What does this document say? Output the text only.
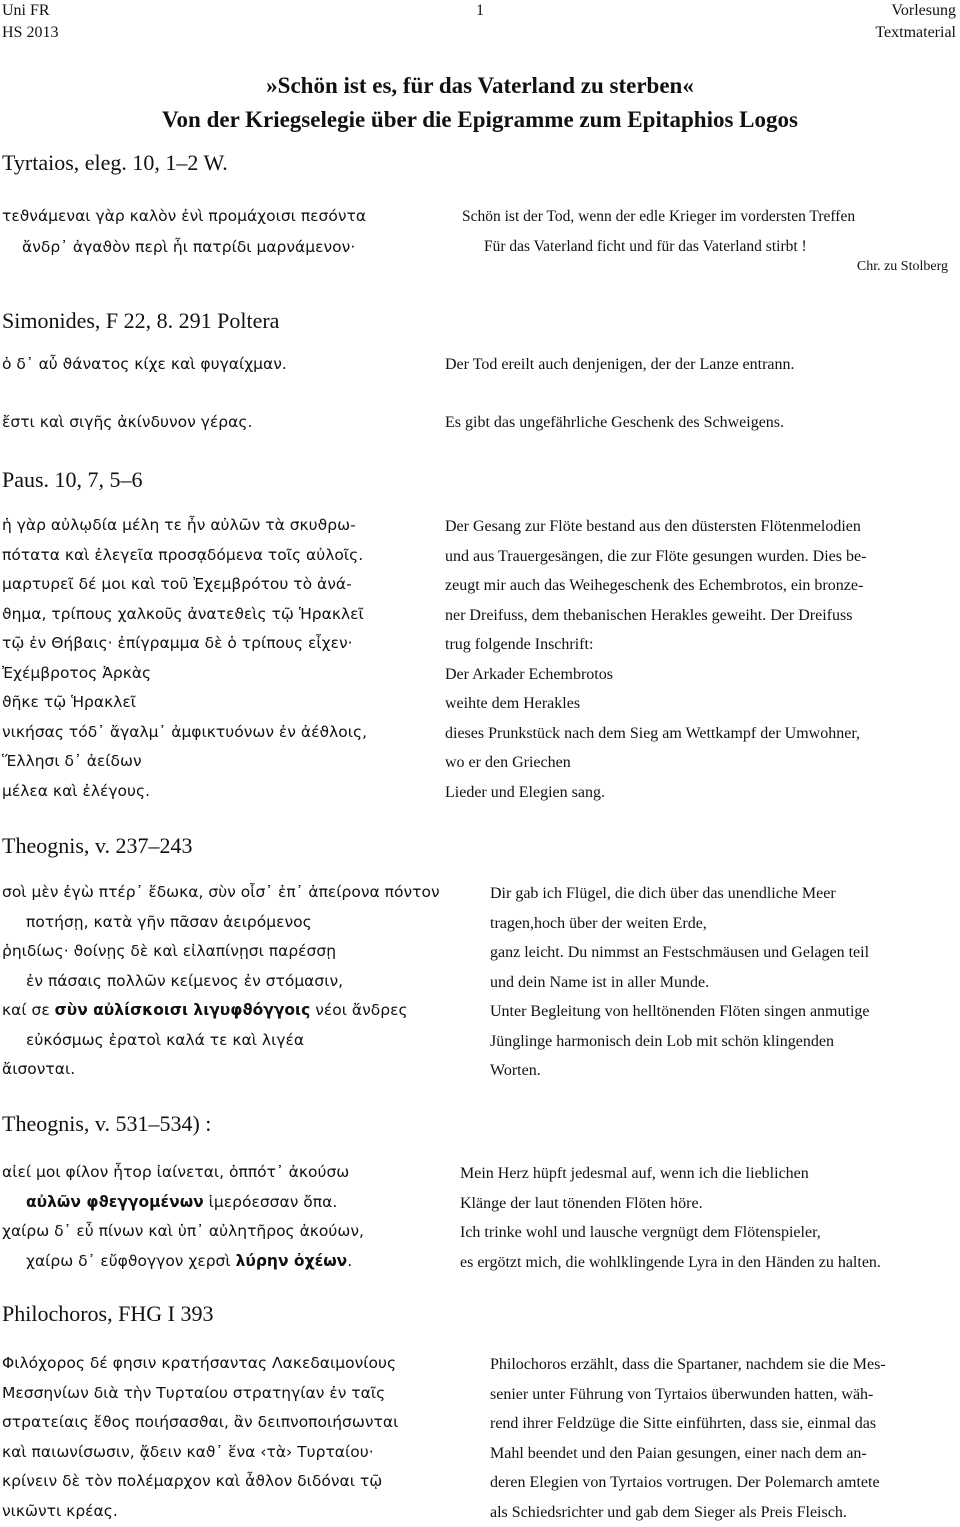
Uni FR
HS 2013
1	Vorlesung
Textmaterial
»Schön ist es, für das Vaterland zu sterben«
Von der Kriegselegie über die Epigramme zum Epitaphios Logos
Tyrtaios, eleg. 10, 1–2 W.
τεϑνάμεναι γὰρ καλὸν ἐνὶ προμάχοισι πεσόντα
ἄνδρ᾽ ἀγαϑὸν περὶ ἧι πατρίδι μαρνάμενον·
Schön ist der Tod, wenn der edle Krieger im vordersten Treffen
Für das Vaterland ficht und für das Vaterland stirbt !
Chr. zu Stolberg
Simonides, F 22, 8. 291 Poltera
ὁ δ᾽ αὖ ϑάνατος κίχε καὶ φυγαίχμαν.
ἔστι καὶ σιγῆς ἀκίνδυνον γέρας.
Der Tod ereilt auch denjenigen, der der Lanze entrann.
Es gibt das ungefährliche Geschenk des Schweigens.
Paus. 10, 7, 5–6
ἡ γὰρ αὐλῳδία μέλη τε ἦν αὐλῶν τὰ σκυϑρω-
πότατα καὶ ἐλεγεῖα προσᾳδόμενα τοῖς αὐλοῖς.
μαρτυρεῖ δέ μοι καὶ τοῦ Ἐχεμβρότου τὸ ἀνά-
ϑημα, τρίπους χαλκοῦς ἀνατεϑεὶς τῷ Ἡρακλεῖ
τῷ ἐν Θήβαις· ἐπίγραμμα δὲ ὁ τρίπους εἶχεν·
Ἐχέμβροτος Ἀρκὰς
ϑῆκε τῷ Ἡρακλεῖ
νικήσας τόδ᾽ ἄγαλμ᾽ ἀμφικτυόνων ἐν ἀέϑλοις,
Ἕλλησι δ᾽ ἀείδων
μέλεα καὶ ἐλέγους.
Der Gesang zur Flöte bestand aus den düstersten Flötenmelodien
und aus Trauergesängen, die zur Flöte gesungen wurden. Dies be-
zeugt mir auch das Weihegeschenk des Echembrotos, ein bronze-
ner Dreifuss, dem thebanischen Herakles geweiht. Der Dreifuss
trug folgende Inschrift:
Der Arkader Echembrotos
weihte dem Herakles
dieses Prunkstück nach dem Sieg am Wettkampf der Umwohner,
wo er den Griechen
Lieder und Elegien sang.
Theognis, v. 237–243
σοὶ μὲν ἐγὼ πτέρ᾽ ἔδωκα, σὺν οἷσ᾽ ἐπ᾽ ἀπείρονα πόντον
ποτήσῃ, κατὰ γῆν πᾶσαν ἀειρόμενος
ῥηιδίως· ϑοίνῃς δὲ καὶ εἰλαπίνῃσι παρέσσῃ
ἐν πάσαις πολλῶν κείμενος ἐν στόμασιν,
καί σε σὺν αὐλίσκοισι λιγυφϑόγγοις νέοι ἄνδρες
εὐκόσμως ἐρατοὶ καλά τε καὶ λιγέα
ἄισονται.
Dir gab ich Flügel, die dich über das unendliche Meer
tragen,hoch über der weiten Erde,
ganz leicht. Du nimmst an Festschmäusen und Gelagen teil
und dein Name ist in aller Munde.
Unter Begleitung von helltönenden Flöten singen anmutige
Jünglinge harmonisch dein Lob mit schön klingenden
Worten.
Theognis, v. 531–534) :
αἰεί μοι φίλον ἦτορ ἰαίνεται, ὁππότ᾽ ἀκούσω
αὐλῶν φϑεγγομένων ἱμερόεσσαν ὄπα.
χαίρω δ᾽ εὖ πίνων καὶ ὑπ᾽ αὐλητῆρος ἀκούων,
χαίρω δ᾽ εὔφϑογγον χερσὶ λύρην ὀχέων.
Mein Herz hüpft jedesmal auf, wenn ich die lieblichen
Klänge der laut tönenden Flöten höre.
Ich trinke wohl und lausche vergnügt dem Flötenspieler,
es ergötzt mich, die wohlklingende Lyra in den Händen zu halten.
Philochoros, FHG I 393
Φιλόχορος δέ φησιν κρατήσαντας Λακεδαιμονίους
Μεσσηνίων διὰ τὴν Τυρταίου στρατηγίαν ἐν ταῖς
στρατείαις ἔϑος ποιήσασϑαι, ἂν δειπνοποιήσωνται
καὶ παιωνίσωσιν, ᾄδειν καϑ᾽ ἕνα ‹τὰ› Τυρταίου·
κρίνειν δὲ τὸν πολέμαρχον καὶ ἆϑλον διδόναι τῷ
νικῶντι κρέας.
Philochoros erzählt, dass die Spartaner, nachdem sie die Mes-
senier unter Führung von Tyrtaios überwunden hatten, wäh-
rend ihrer Feldzüge die Sitte einführten, dass sie, einmal das
Mahl beendet und den Paian gesungen, einer nach dem an-
deren Elegien von Tyrtaios vortrugen. Der Polemarch amtete
als Schiedsrichter und gab dem Sieger als Preis Fleisch.
